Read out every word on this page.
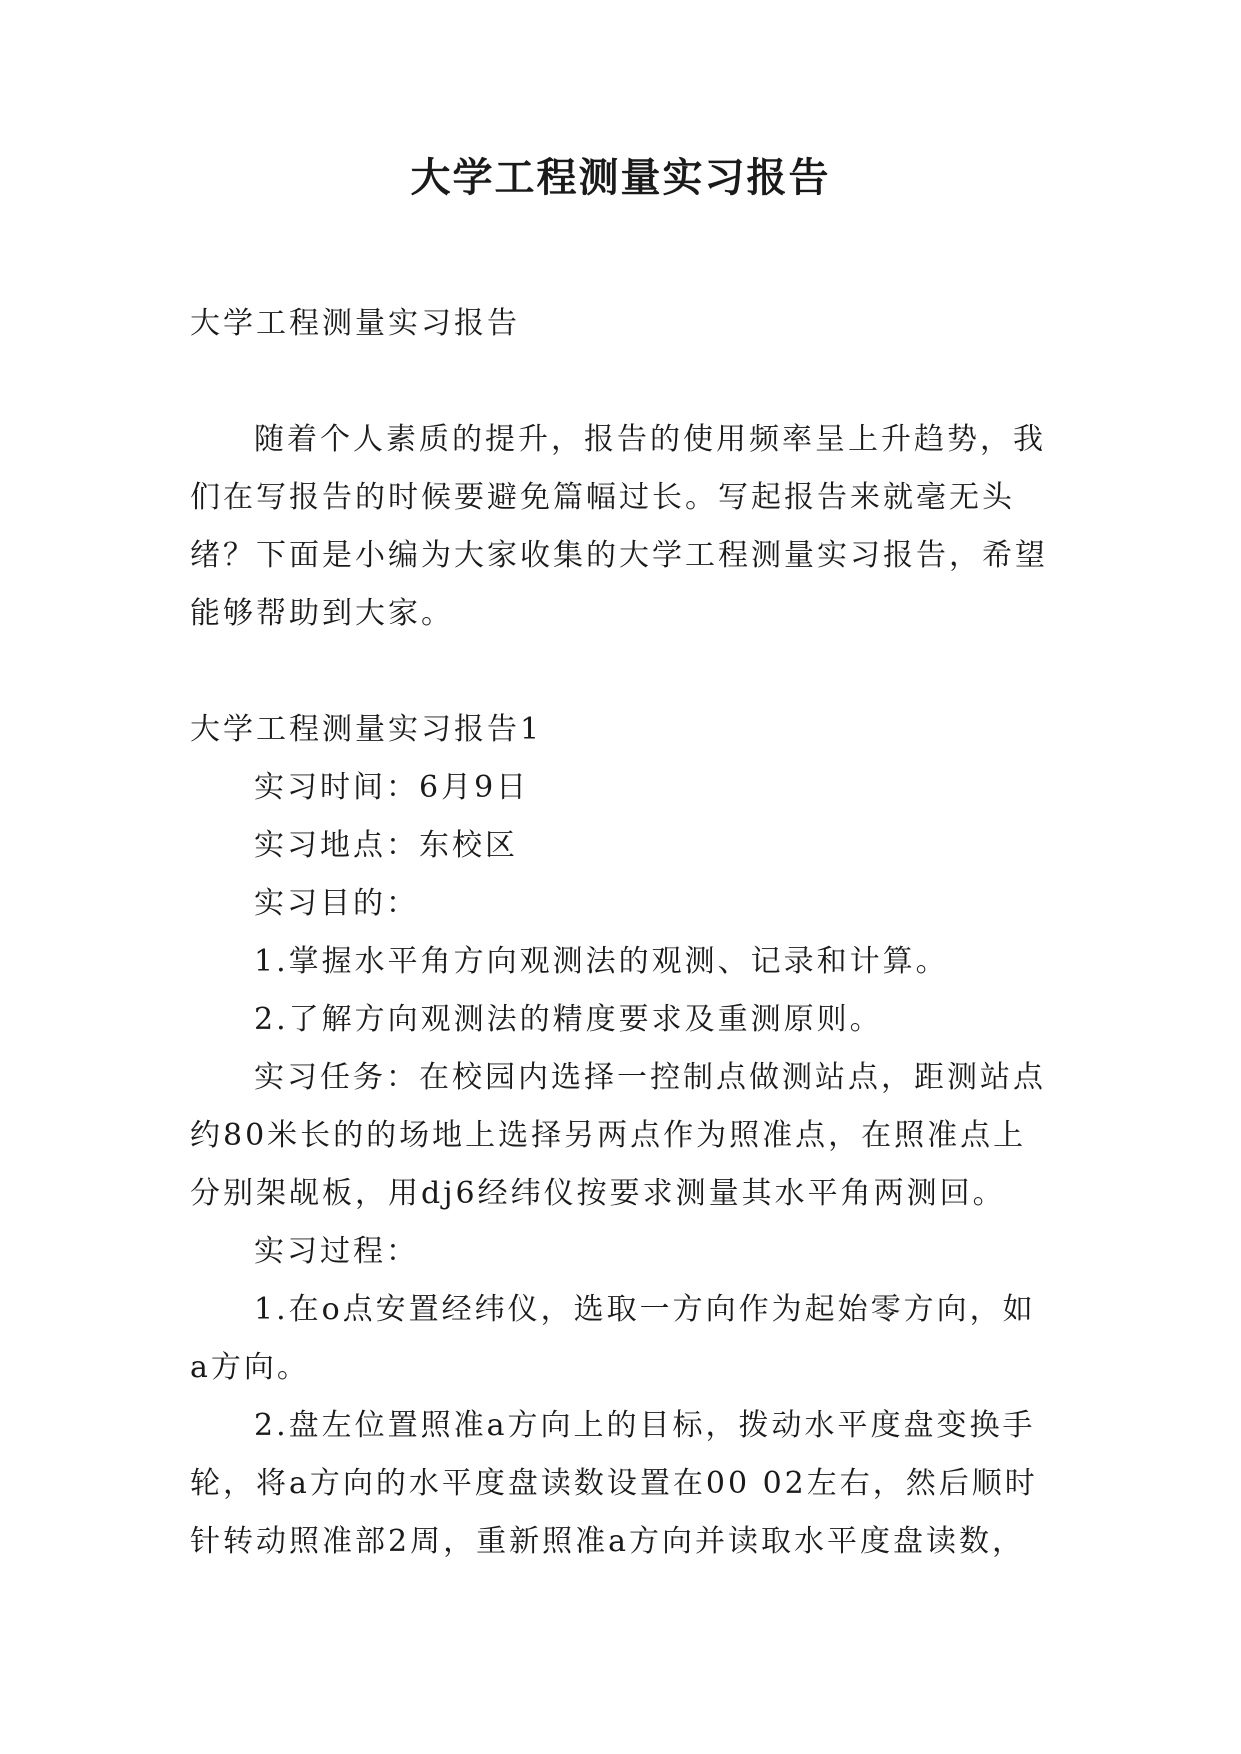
大学工程测量实习报告

大学工程测量实习报告

随着个人素质的提升，报告的使用频率呈上升趋势，我们在写报告的时候要避免篇幅过长。写起报告来就毫无头绪？下面是小编为大家收集的大学工程测量实习报告，希望能够帮助到大家。

大学工程测量实习报告1

实习时间：6月9日

实习地点：东校区

实习目的：

1.掌握水平角方向观测法的观测、记录和计算。

2.了解方向观测法的精度要求及重测原则。

实习任务：在校园内选择一控制点做测站点，距测站点约80米长的的场地上选择另两点作为照准点，在照准点上分别架觇板，用dj6经纬仪按要求测量其水平角两测回。

实习过程：

1.在o点安置经纬仪，选取一方向作为起始零方向，如a方向。

2.盘左位置照准a方向上的目标，拨动水平度盘变换手轮，将a方向的水平度盘读数设置在00 02左右，然后顺时针转动照准部2周，重新照准a方向并读取水平度盘读数，
